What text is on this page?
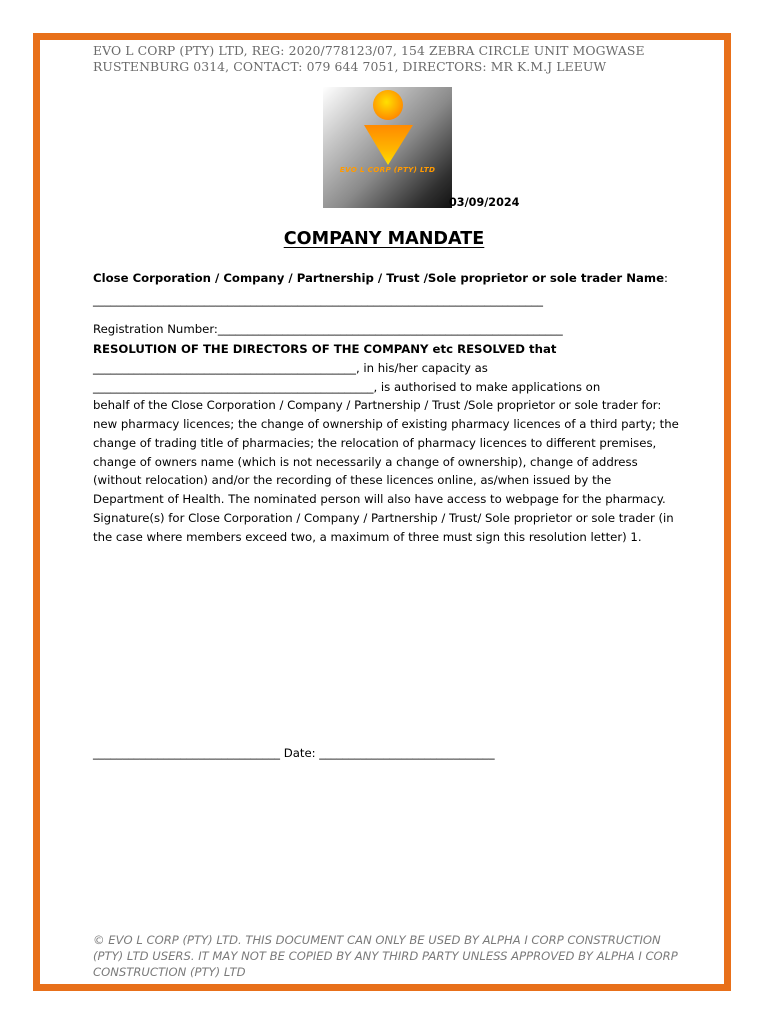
EVO L CORP (PTY) LTD, REG: 2020/778123/07, 154 ZEBRA CIRCLE UNIT MOGWASE
RUSTENBURG 0314, CONTACT: 079 644 7051, DIRECTORS: MR K.M.J LEEUW
EVO L CORP (PTY) LTD
03/09/2024
COMPANY MANDATE
Close Corporation / Company / Partnership / Trust /Sole proprietor or sole trader Name:
_____________________________________________________________________________
Registration Number:___________________________________________________________
RESOLUTION OF THE DIRECTORS OF THE COMPANY etc RESOLVED that
_____________________________________________, in his/her capacity as
________________________________________________, is authorised to make applications on
behalf of the Close Corporation / Company / Partnership / Trust /Sole proprietor or sole trader for:
new pharmacy licences; the change of ownership of existing pharmacy licences of a third party; the
change of trading title of pharmacies; the relocation of pharmacy licences to different premises,
change of owners name (which is not necessarily a change of ownership), change of address
(without relocation) and/or the recording of these licences online, as/when issued by the
Department of Health. The nominated person will also have access to webpage for the pharmacy.
Signature(s) for Close Corporation / Company / Partnership / Trust/ Sole proprietor or sole trader (in
the case where members exceed two, a maximum of three must sign this resolution letter) 1.
________________________________ Date: ______________________________
© EVO L CORP (PTY) LTD. THIS DOCUMENT CAN ONLY BE USED BY ALPHA I CORP CONSTRUCTION
(PTY) LTD USERS. IT MAY NOT BE COPIED BY ANY THIRD PARTY UNLESS APPROVED BY ALPHA I CORP
CONSTRUCTION (PTY) LTD
